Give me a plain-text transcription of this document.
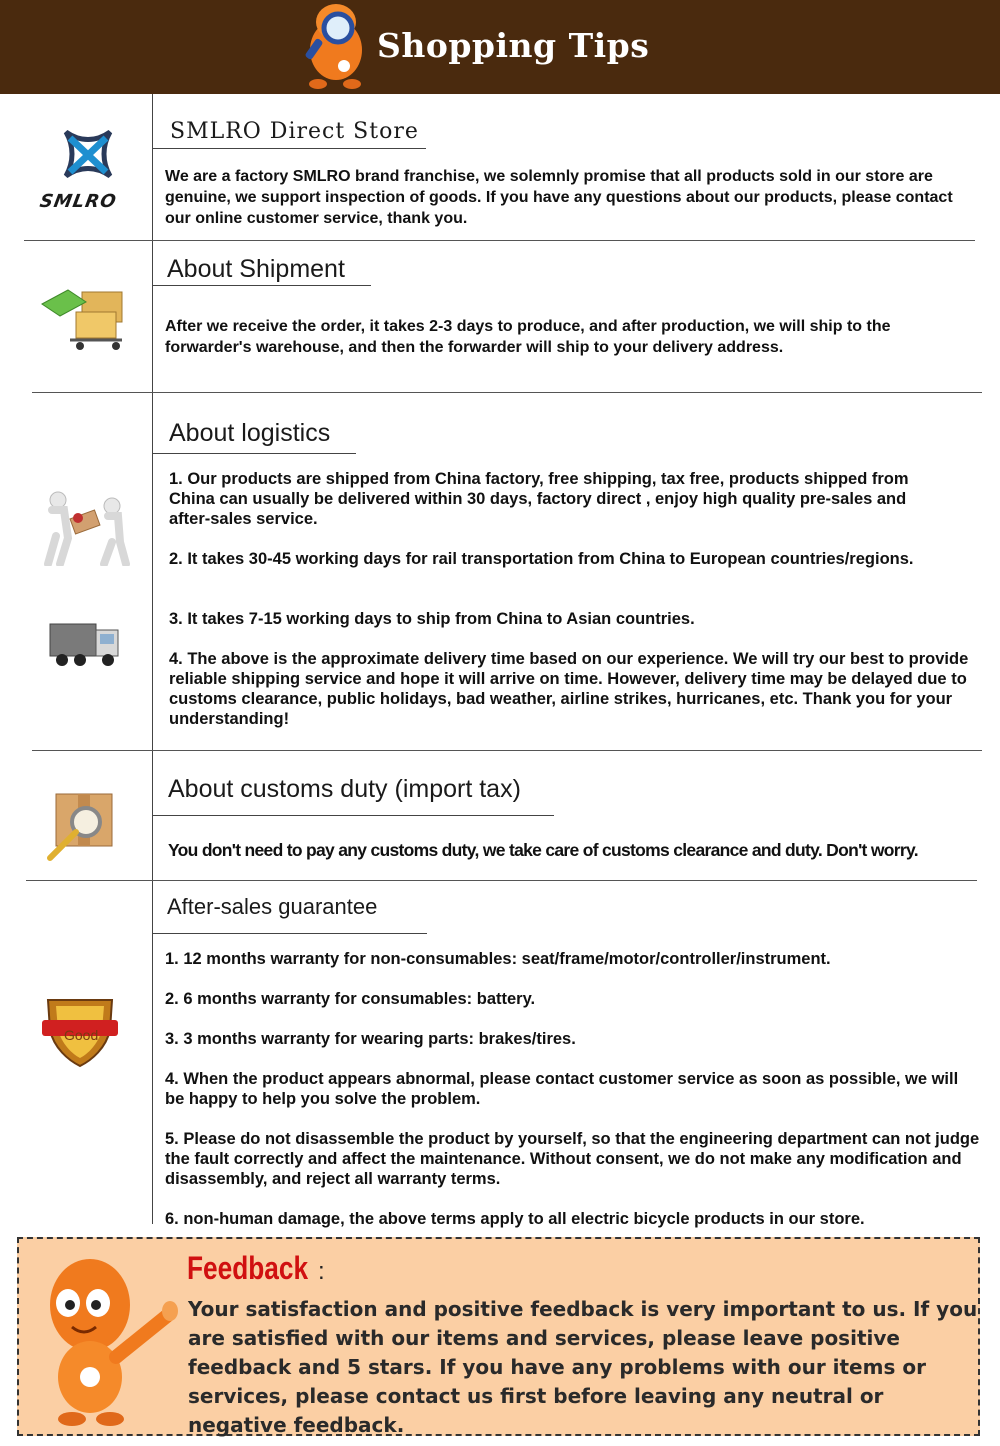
Shopping Tips
SMLRO
SMLRO Direct Store
We are a factory SMLRO brand franchise, we solemnly promise that all products sold in our store are genuine, we support inspection of goods. If you have any questions about our products, please contact our online customer service, thank you.
About Shipment
After we receive the order, it takes 2-3 days to produce, and after production, we will ship to the forwarder's warehouse, and then the forwarder will ship to your delivery address.
About logistics
1. Our products are shipped from China factory, free shipping, tax free, products shipped from China can usually be delivered within 30 days, factory direct , enjoy high quality pre-sales and after-sales service.
2. It takes 30-45 working days for rail transportation from China to European countries/regions.
3. It takes 7-15 working days to ship from China to Asian countries.
4. The above is the approximate delivery time based on our experience. We will try our best to provide reliable shipping service and hope it will arrive on time. However, delivery time may be delayed due to customs clearance, public holidays, bad weather, airline strikes, hurricanes, etc. Thank you for your understanding!
About customs duty (import tax)
You don't need to pay any customs duty, we take care of customs clearance and duty. Don't worry.
Good
After-sales guarantee
1. 12 months warranty for non-consumables: seat/frame/motor/controller/instrument.
2. 6 months warranty for consumables: battery.
3. 3 months warranty for wearing parts: brakes/tires.
4. When the product appears abnormal, please contact customer service as soon as possible, we will be happy to help you solve the problem.
5. Please do not disassemble the product by yourself, so that the engineering department can not judge the fault correctly and affect the maintenance. Without consent, we do not make any modification and disassembly, and reject all warranty terms.
6. non-human damage, the above terms apply to all electric bicycle products in our store.
Feedback :
Your satisfaction and positive feedback is very important to us. If you are satisfied with our items and services, please leave positive feedback and 5 stars. If you have any problems with our items or services, please contact us first before leaving any neutral or negative feedback.
